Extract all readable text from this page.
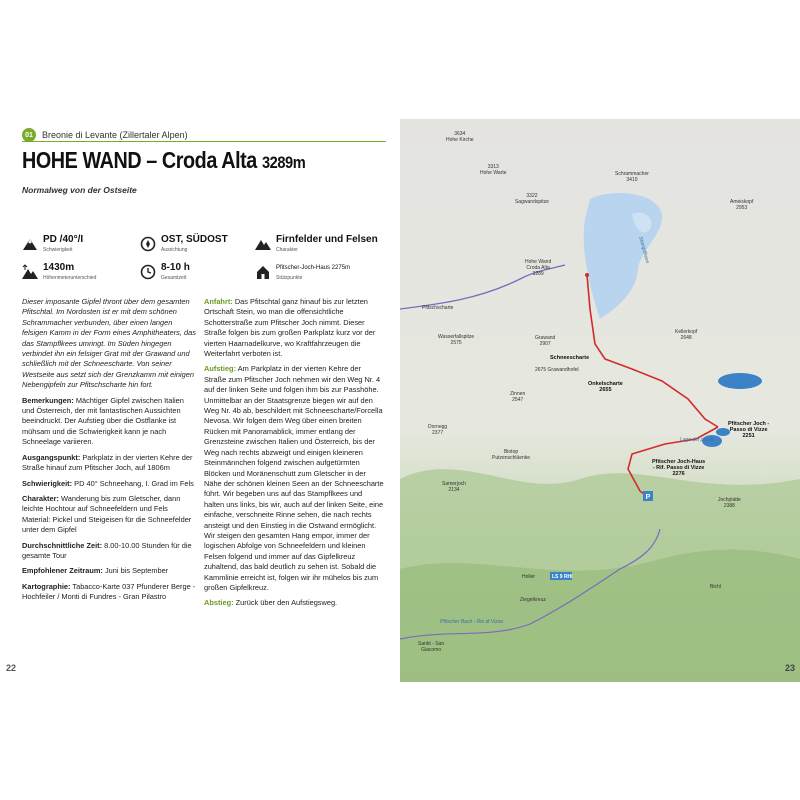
01	Breonie di Levante (Zillertaler Alpen)
HOHE WAND – Croda Alta 3289m
Normalweg von der Ostseite
PD /40°/I
Schwierigkeit
OST, SÜDOST
Ausrichtung
Firnfelder und Felsen
Charakter
1430m
Höhenmeterunterschied
8-10 h
Gesamtzeit
Pfitscher-Joch-Haus 2275m
Stützpunkte

Dieser imposante Gipfel thront über dem gesamten Pfitschtal. Im Nordosten ist er mit dem schönen Schrammacher verbunden, über einen langen felsigen Kamm in der Form eines Amphitheaters, das das Stampflkees umringt. Im Süden hingegen verbindet ihn ein felsiger Grat mit der Grawand und schließlich mit der Schneescharte. Von seiner Westseite aus setzt sich der Grenzkamm mit einigen Nebengipfeln zur Pfitschscharte hin fort.

Bemerkungen: Mächtiger Gipfel zwischen Italien und Österreich, der mit fantastischen Aussichten beeindruckt. Der Aufstieg über die Ostflanke ist mühsam und die Schwierigkeit kann je nach Schneelage variieren.

Ausgangspunkt: Parkplatz in der vierten Kehre der Straße hinauf zum Pfitscher Joch, auf 1806m

Schwierigkeit: PD 40° Schneehang, I. Grad im Fels

Charakter: Wanderung bis zum Gletscher, dann leichte Hochtour auf Schneefeldern und Fels Material: Pickel und Steigeisen für die Schneefelder unter dem Gipfel

Durchschnittliche Zeit: 8.00-10.00 Stunden für die gesamte Tour

Empfohlener Zeitraum: Juni bis September

Kartographie: Tabacco-Karte 037 Pfunderer Berge - Hochfeiler / Monti di Fundres - Gran Pilastro

Anfahrt: Das Pfitschtal ganz hinauf bis zur letzten Ortschaft Stein, wo man die offensichtliche Schotterstraße zum Pfitscher Joch nimmt. Dieser Straße folgen bis zum großen Parkplatz kurz vor der vierten Haarnadelkurve, wo Kraftfahrzeugen die Weiterfahrt verboten ist.

Aufstieg: Am Parkplatz in der vierten Kehre der Straße zum Pfitscher Joch nehmen wir den Weg Nr. 4 auf der linken Seite und folgen ihm bis zur Passhöhe. Unmittelbar an der Staatsgrenze biegen wir auf den Weg Nr. 4b ab, beschildert mit Schneescharte/Forcella Nevosa. Wir folgen dem Weg über einen breiten Rücken mit Panoramablick, immer entlang der Grenzsteine zwischen Italien und Österreich, bis der Weg nach rechts abzweigt und einigen kleineren Steinmännchen folgend zwischen aufgetürmten Blöcken und Moränenschutt zum Gletscher in der Nähe der schönen kleinen Seen an der Schneescharte führt. Wir begeben uns auf das Stampflkees und halten uns links, bis wir, auch auf der linken Seite, eine einfache, verschneite Rinne sehen, die nach rechts ansteigt und den Einstieg in die Ostwand ermöglicht. Wir steigen den gesamten Hang empor, immer der logischen Abfolge von Schneefeldern und kleinen Felsen folgend und immer auf das Gipfelkreuz zuhaltend, das bald deutlich zu sehen ist. Sobald die Kammlinie erreicht ist, folgen wir ihr mühelos bis zum großen Gipfelkreuz.

Abstieg: Zurück über den Aufstiegsweg.

22
P
3634
Hohe Kirche
3313
Hohe Warte
3322
Sagwandspitze
Schrammacher
3410
Ameiskopf
2953
Stampflkees
Hohe Wand
Croda Alta
3289
Pfitschscharte
Wasserfallspitze
2575
Grawand
2907
Schneescharte
2675 Grawandhofel
Kellerkopf
2648
Zinnen
2547
Dornegg
2377
Onkelscharte
2655
Pfitscher Joch -
Passo di Vizze
2251
Lago del passo
Pfitscher Joch-Haus
- Rif. Passo di Vizze
2276
Biotop
Putzenschlüenke
Samerjoch
2134
Jochplatte
2388
Holler	LS 9 RHI
Ziegelkreuz
Pfitscher Bach - Rio di Vizze
Sankt - San
Giacomo
Bichl
23
